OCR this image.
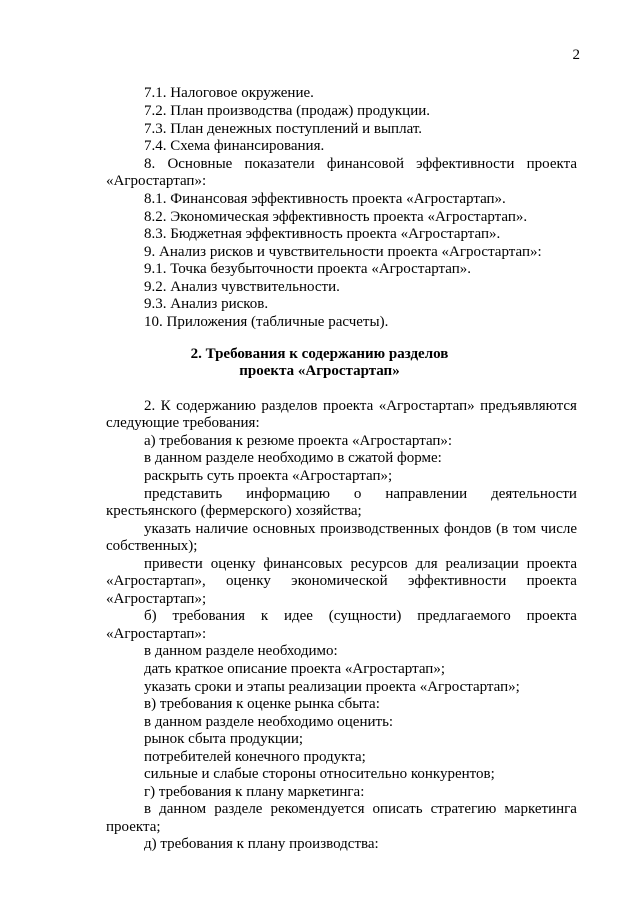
2
7.1. Налоговое окружение.
7.2. План производства (продаж) продукции.
7.3. План денежных поступлений и выплат.
7.4. Схема финансирования.
8. Основные показатели финансовой эффективности проекта
«Агростартап»:
8.1. Финансовая эффективность проекта «Агростартап».
8.2. Экономическая эффективность проекта «Агростартап».
8.3. Бюджетная эффективность проекта «Агростартап».
9. Анализ рисков и чувствительности проекта «Агростартап»:
9.1. Точка безубыточности проекта «Агростартап».
9.2. Анализ чувствительности.
9.3. Анализ рисков.
10. Приложения (табличные расчеты).
2. Требования к содержанию разделов
проекта «Агростартап»
2. К содержанию разделов проекта «Агростартап» предъявляются
следующие требования:
а) требования к резюме проекта «Агростартап»:
в данном разделе необходимо в сжатой форме:
раскрыть суть проекта «Агростартап»;
представить информацию о направлении деятельности
крестьянского (фермерского) хозяйства;
указать наличие основных производственных фондов (в том числе
собственных);
привести оценку финансовых ресурсов для реализации проекта
«Агростартап», оценку экономической эффективности проекта
«Агростартап»;
б) требования к идее (сущности) предлагаемого проекта
«Агростартап»:
в данном разделе необходимо:
дать краткое описание проекта «Агростартап»;
указать сроки и этапы реализации проекта «Агростартап»;
в) требования к оценке рынка сбыта:
в данном разделе необходимо оценить:
рынок сбыта продукции;
потребителей конечного продукта;
сильные и слабые стороны относительно конкурентов;
г) требования к плану маркетинга:
в данном разделе рекомендуется описать стратегию маркетинга
проекта;
д) требования к плану производства:
